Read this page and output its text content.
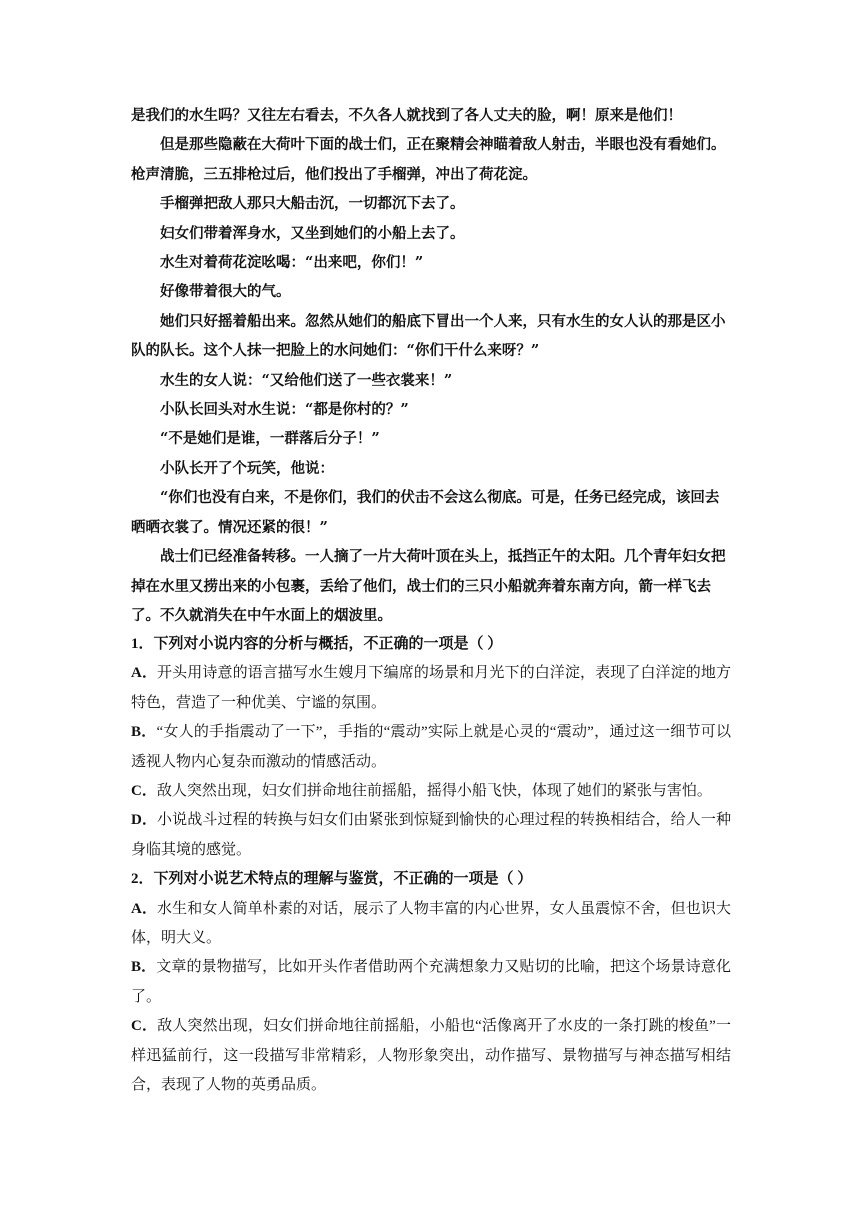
是我们的水生吗？又往左右看去，不久各人就找到了各人丈夫的脸，啊！原来是他们！

但是那些隐蔽在大荷叶下面的战士们，正在聚精会神瞄着敌人射击，半眼也没有看她们。枪声清脆，三五排枪过后，他们投出了手榴弹，冲出了荷花淀。

手榴弹把敌人那只大船击沉，一切都沉下去了。

妇女们带着浑身水，又坐到她们的小船上去了。

水生对着荷花淀吆喝：“出来吧，你们！”

好像带着很大的气。

她们只好摇着船出来。忽然从她们的船底下冒出一个人来，只有水生的女人认的那是区小队的队长。这个人抹一把脸上的水问她们：“你们干什么来呀？”

水生的女人说：“又给他们送了一些衣裳来！”

小队长回头对水生说：“都是你村的？”

“不是她们是谁，一群落后分子！”

小队长开了个玩笑，他说：

“你们也没有白来，不是你们，我们的伏击不会这么彻底。可是，任务已经完成，该回去晒晒衣裳了。情况还紧的很！”

战士们已经准备转移。一人摘了一片大荷叶顶在头上，抵挡正午的太阳。几个青年妇女把掉在水里又捞出来的小包裹，丢给了他们，战士们的三只小船就奔着东南方向，箭一样飞去了。不久就消失在中午水面上的烟波里。

1．下列对小说内容的分析与概括，不正确的一项是（ ）

A．开头用诗意的语言描写水生嫂月下编席的场景和月光下的白洋淀，表现了白洋淀的地方特色，营造了一种优美、宁谧的氛围。

B．“女人的手指震动了一下”，手指的“震动”实际上就是心灵的“震动”，通过这一细节可以透视人物内心复杂而激动的情感活动。

C．敌人突然出现，妇女们拼命地往前摇船，摇得小船飞快，体现了她们的紧张与害怕。

D．小说战斗过程的转换与妇女们由紧张到惊疑到愉快的心理过程的转换相结合，给人一种身临其境的感觉。

2．下列对小说艺术特点的理解与鉴赏，不正确的一项是（ ）

A．水生和女人简单朴素的对话，展示了人物丰富的内心世界，女人虽震惊不舍，但也识大体，明大义。

B．文章的景物描写，比如开头作者借助两个充满想象力又贴切的比喻，把这个场景诗意化了。

C．敌人突然出现，妇女们拼命地往前摇船，小船也“活像离开了水皮的一条打跳的梭鱼”一样迅猛前行，这一段描写非常精彩，人物形象突出，动作描写、景物描写与神态描写相结合，表现了人物的英勇品质。
